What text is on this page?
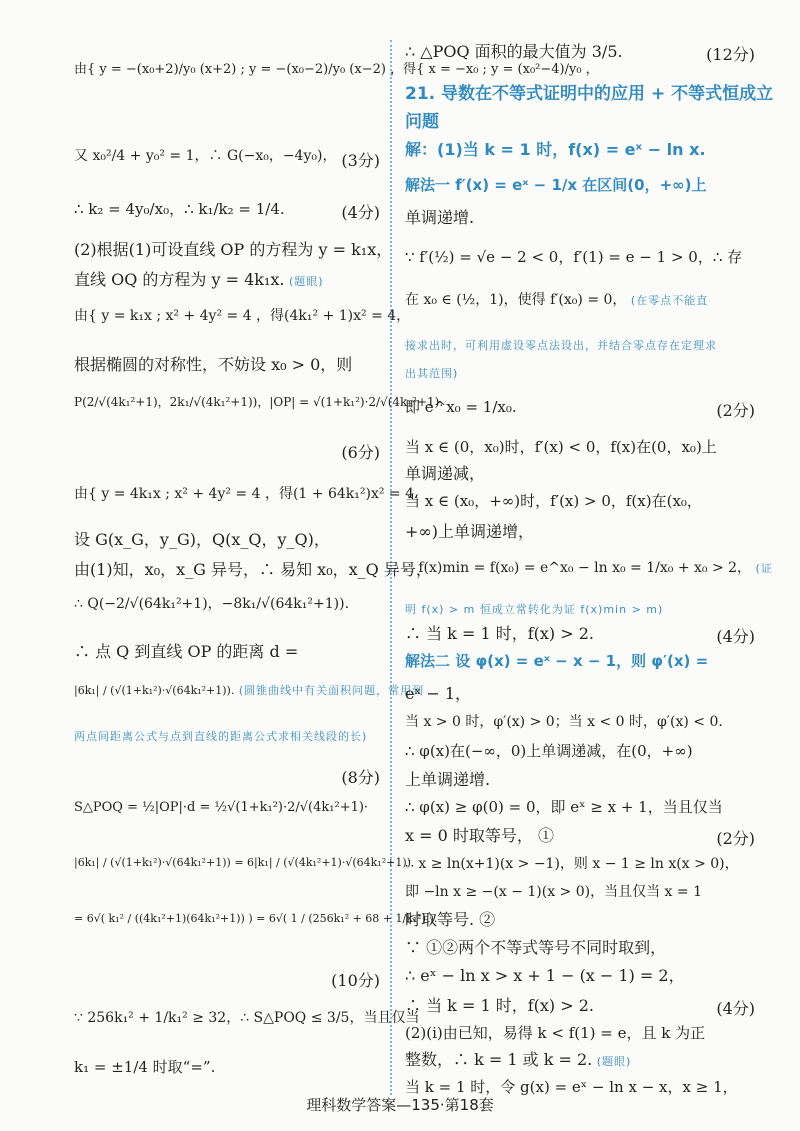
由{ y = −(x₀+2)/y₀ (x+2) ; y = −(x₀−2)/y₀ (x−2) ，得{ x = −x₀ ; y = (x₀²−4)/y₀ ，
又 x₀²/4 + y₀² = 1，∴ G(−x₀，−4y₀)， (3分)
∴ k₂ = 4y₀/x₀，∴ k₁/k₂ = 1/4.	(4分)
(2)根据(1)可设直线 OP 的方程为 y = k₁x，
直线 OQ 的方程为 y = 4k₁x. (题眼)
由{ y = k₁x ; x² + 4y² = 4 ，得(4k₁² + 1)x² = 4，
根据椭圆的对称性，不妨设 x₀ > 0，则
P(2/√(4k₁²+1)，2k₁/√(4k₁²+1))，|OP| = √(1+k₁²)·2/√(4k₁²+1).
(6分)
由{ y = 4k₁x ; x² + 4y² = 4 ，得(1 + 64k₁²)x² = 4.
设 G(x_G，y_G)，Q(x_Q，y_Q)，
由(1)知，x₀，x_G 异号，∴ 易知 x₀，x_Q 异号，
∴ Q(−2/√(64k₁²+1)，−8k₁/√(64k₁²+1)).
∴ 点 Q 到直线 OP 的距离 d =
|6k₁| / (√(1+k₁²)·√(64k₁²+1)). (圆锥曲线中有关面积问题，常用到
两点间距离公式与点到直线的距离公式求相关线段的长)
(8分)
S△POQ = ½|OP|·d = ½√(1+k₁²)·2/√(4k₁²+1)·
|6k₁| / (√(1+k₁²)·√(64k₁²+1)) = 6|k₁| / (√(4k₁²+1)·√(64k₁²+1))
= 6√( k₁² / ((4k₁²+1)(64k₁²+1)) ) = 6√( 1 / (256k₁² + 68 + 1/k₁²) ).
(10分)
∵ 256k₁² + 1/k₁² ≥ 32，∴ S△POQ ≤ 3/5，当且仅当
k₁ = ±1/4 时取“=”.
∴ △POQ 面积的最大值为 3/5.	(12分)
21. 导数在不等式证明中的应用 + 不等式恒成立
问题
解：(1)当 k = 1 时，f(x) = eˣ − ln x.
解法一 f′(x) = eˣ − 1/x 在区间(0，+∞)上
单调递增.
∵ f′(½) = √e − 2 < 0，f′(1) = e − 1 > 0，∴ 存
在 x₀ ∈ (½，1)，使得 f′(x₀) = 0， (在零点不能直
接求出时，可利用虚设零点法设出，并结合零点存在定理求
出其范围)
即 e^x₀ = 1/x₀.	(2分)
当 x ∈ (0，x₀)时，f′(x) < 0，f(x)在(0，x₀)上
单调递减，
当 x ∈ (x₀，+∞)时，f′(x) > 0，f(x)在(x₀，
+∞)上单调递增，
∴ f(x)min = f(x₀) = e^x₀ − ln x₀ = 1/x₀ + x₀ > 2， (证
明 f(x) > m 恒成立常转化为证 f(x)min > m)
∴ 当 k = 1 时，f(x) > 2.	(4分)
解法二 设 φ(x) = eˣ − x − 1，则 φ′(x) =
eˣ − 1，
当 x > 0 时，φ′(x) > 0；当 x < 0 时，φ′(x) < 0.
∴ φ(x)在(−∞，0)上单调递减，在(0，+∞)
上单调递增.
∴ φ(x) ≥ φ(0) = 0，即 eˣ ≥ x + 1，当且仅当
x = 0 时取等号， ①	(2分)
∴ x ≥ ln(x+1)(x > −1)，则 x − 1 ≥ ln x(x > 0)，
即 −ln x ≥ −(x − 1)(x > 0)，当且仅当 x = 1
时取等号. ②
∵ ①②两个不等式等号不同时取到，
∴ eˣ − ln x > x + 1 − (x − 1) = 2，
∴ 当 k = 1 时，f(x) > 2.	(4分)
(2)(i)由已知，易得 k < f(1) = e，且 k 为正
整数，∴ k = 1 或 k = 2. (题眼)
当 k = 1 时，令 g(x) = eˣ − ln x − x，x ≥ 1，
理科数学答案—135·第18套
